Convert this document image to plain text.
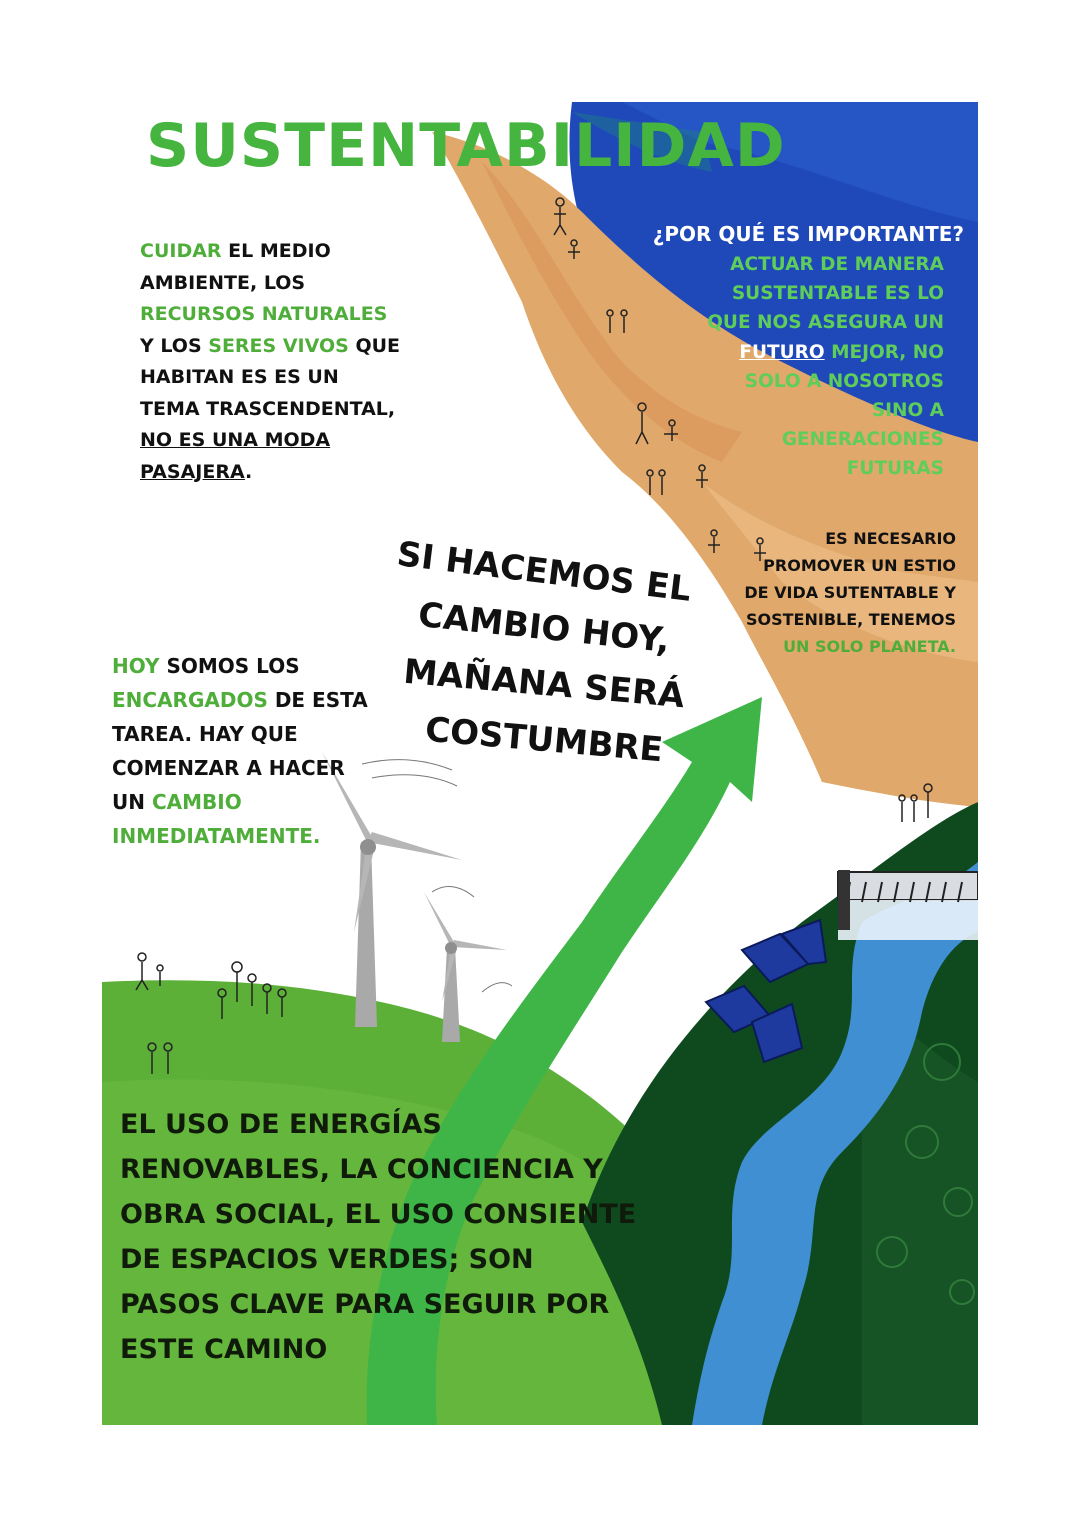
SUSTENTABILIDAD

CUIDAR EL MEDIO AMBIENTE, LOS RECURSOS NATURALES Y LOS SERES VIVOS QUE HABITAN ES ES UN TEMA TRASCENDENTAL, NO ES UNA MODA PASAJERA.

¿POR QUÉ ES IMPORTANTE?

ACTUAR DE MANERA SUSTENTABLE ES LO QUE NOS ASEGURA UN FUTURO MEJOR, NO SOLO A NOSOTROS SINO A GENERACIONES FUTURAS

ES NECESARIO PROMOVER UN ESTIO DE VIDA SUTENTABLE Y SOSTENIBLE, TENEMOS UN SOLO PLANETA.

SI HACEMOS EL
CAMBIO HOY,
MAÑANA SERÁ
COSTUMBRE

HOY SOMOS LOS ENCARGADOS DE ESTA TAREA. HAY QUE COMENZAR A HACER UN CAMBIO INMEDIATAMENTE.

EL USO DE ENERGÍAS RENOVABLES, LA CONCIENCIA Y OBRA SOCIAL, EL USO CONSIENTE DE ESPACIOS VERDES; SON PASOS CLAVE PARA SEGUIR POR ESTE CAMINO
